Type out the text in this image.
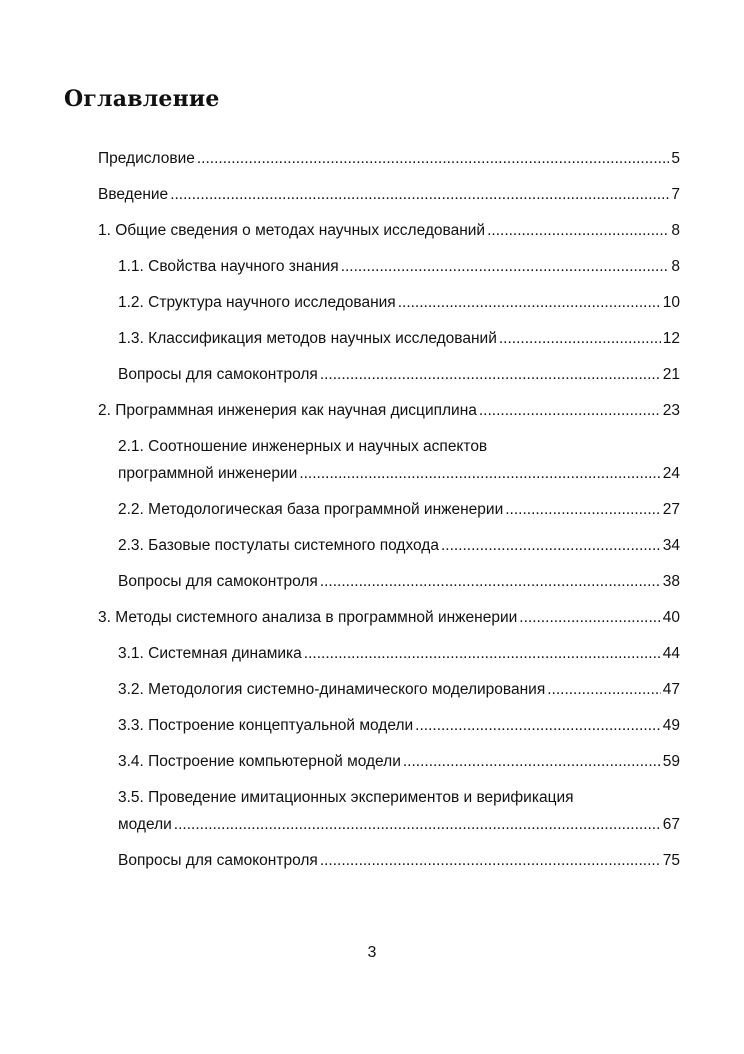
Оглавление
Предисловие .....	5
Введение .....	7
1. Общие сведения о методах научных исследований .....	8
1.1. Свойства научного знания .....	8
1.2. Структура научного исследования .....	10
1.3. Классификация методов научных исследований .....	12
Вопросы для самоконтроля .....	21
2. Программная инженерия как научная дисциплина .....	23
2.1. Соотношение инженерных и научных аспектов
программной инженерии .....	24
2.2. Методологическая база программной инженерии .....	27
2.3. Базовые постулаты системного подхода .....	34
Вопросы для самоконтроля .....	38
3. Методы системного анализа в программной инженерии .....	40
3.1. Системная динамика .....	44
3.2. Методология системно-динамического моделирования .....	47
3.3. Построение концептуальной модели .....	49
3.4. Построение компьютерной модели .....	59
3.5. Проведение имитационных экспериментов и верификация
модели .....	67
Вопросы для самоконтроля .....	75
3
